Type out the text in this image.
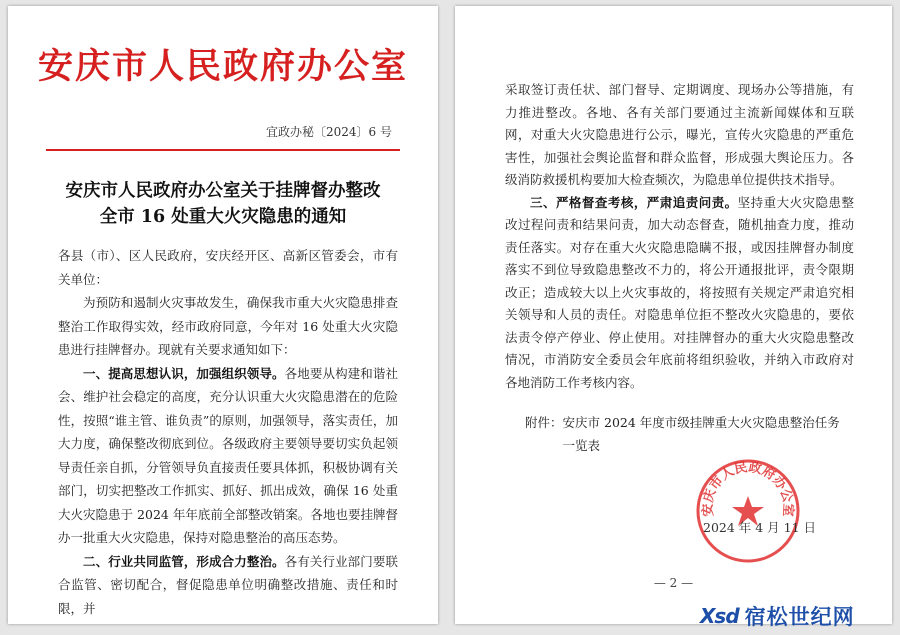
安庆市人民政府办公室
宜政办秘〔2024〕6 号
安庆市人民政府办公室关于挂牌督办整改
全市 16 处重大火灾隐患的通知

各县（市）、区人民政府，安庆经开区、高新区管委会，市有关单位：

为预防和遏制火灾事故发生，确保我市重大火灾隐患排查整治工作取得实效，经市政府同意，今年对 16 处重大火灾隐患进行挂牌督办。现就有关要求通知如下：

一、提高思想认识，加强组织领导。各地要从构建和谐社会、维护社会稳定的高度，充分认识重大火灾隐患潜在的危险性，按照“谁主管、谁负责”的原则，加强领导，落实责任，加大力度，确保整改彻底到位。各级政府主要领导要切实负起领导责任亲自抓，分管领导负直接责任要具体抓，积极协调有关部门，切实把整改工作抓实、抓好、抓出成效，确保 16 处重大火灾隐患于 2024 年年底前全部整改销案。各地也要挂牌督办一批重大火灾隐患，保持对隐患整治的高压态势。

二、行业共同监管，形成合力整治。各有关行业部门要联合监管、密切配合，督促隐患单位明确整改措施、责任和时限，并

采取签订责任状、部门督导、定期调度、现场办公等措施，有力推进整改。各地、各有关部门要通过主流新闻媒体和互联网，对重大火灾隐患进行公示，曝光，宣传火灾隐患的严重危害性，加强社会舆论监督和群众监督，形成强大舆论压力。各级消防救援机构要加大检查频次，为隐患单位提供技术指导。

三、严格督查考核，严肃追责问责。坚持重大火灾隐患整改过程问责和结果问责，加大动态督查，随机抽查力度，推动责任落实。对存在重大火灾隐患隐瞒不报，或因挂牌督办制度落实不到位导致隐患整改不力的，将公开通报批评，责令限期改正；造成较大以上火灾事故的，将按照有关规定严肃追究相关领导和人员的责任。对隐患单位拒不整改火灾隐患的，要依法责令停产停业、停止使用。对挂牌督办的重大火灾隐患整改情况，市消防安全委员会年底前将组织验收，并纳入市政府对各地消防工作考核内容。

附件： 安庆市 2024 年度市级挂牌重大火灾隐患整治任务一览表
安庆市人民政府办公室
2024 年 4 月 11 日
— 2 —
Xsd 宿松世纪网
